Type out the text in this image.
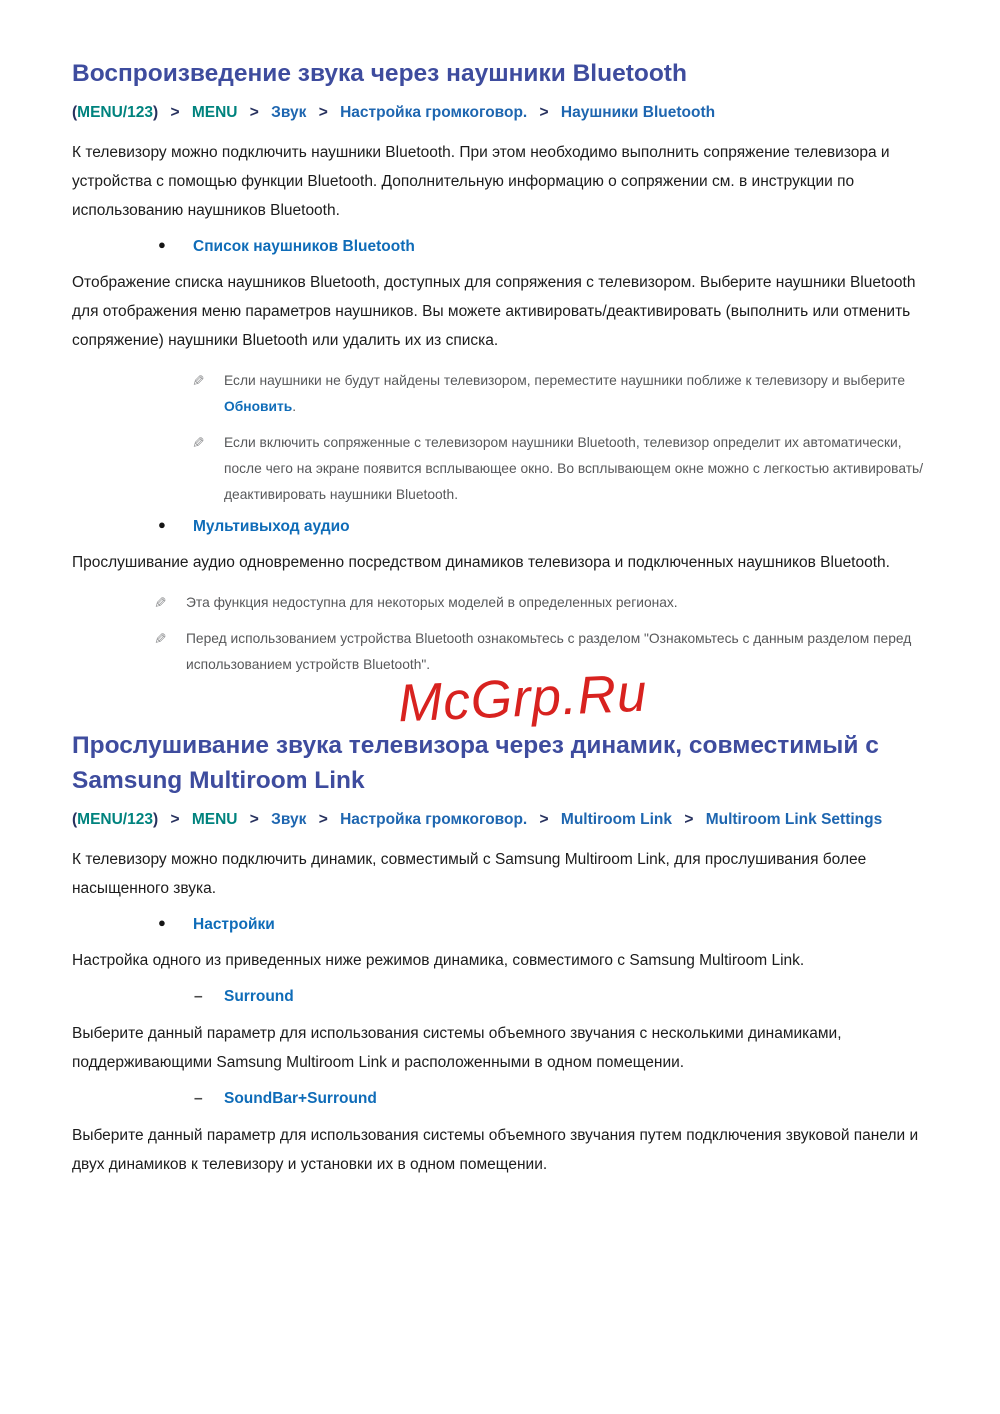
Воспроизведение звука через наушники Bluetooth
(MENU/123) > MENU > Звук > Настройка громкоговор. > Наушники Bluetooth

К телевизору можно подключить наушники Bluetooth. При этом необходимо выполнить сопряжение телевизора и устройства с помощью функции Bluetooth. Дополнительную информацию о сопряжении см. в инструкции по использованию наушников Bluetooth.

● Список наушников Bluetooth

Отображение списка наушников Bluetooth, доступных для сопряжения с телевизором. Выберите наушники Bluetooth для отображения меню параметров наушников. Вы можете активировать/деактивировать (выполнить или отменить сопряжение) наушники Bluetooth или удалить их из списка.

✎ Если наушники не будут найдены телевизором, переместите наушники поближе к телевизору и выберите Обновить.
✎ Если включить сопряженные с телевизором наушники Bluetooth, телевизор определит их автоматически, после чего на экране появится всплывающее окно. Во всплывающем окне можно с легкостью активировать/деактивировать наушники Bluetooth.
● Мультивыход аудио

Прослушивание аудио одновременно посредством динамиков телевизора и подключенных наушников Bluetooth.

✎ Эта функция недоступна для некоторых моделей в определенных регионах.
✎ Перед использованием устройства Bluetooth ознакомьтесь с разделом "Ознакомьтесь с данным разделом перед использованием устройств Bluetooth".
Прослушивание звука телевизора через динамик, совместимый с Samsung Multiroom Link
(MENU/123) > MENU > Звук > Настройка громкоговор. > Multiroom Link > Multiroom Link Settings

К телевизору можно подключить динамик, совместимый с Samsung Multiroom Link, для прослушивания более насыщенного звука.

● Настройки

Настройка одного из приведенных ниже режимов динамика, совместимого с Samsung Multiroom Link.

– Surround

Выберите данный параметр для использования системы объемного звучания с несколькими динамиками, поддерживающими Samsung Multiroom Link и расположенными в одном помещении.

– SoundBar+Surround

Выберите данный параметр для использования системы объемного звучания путем подключения звуковой панели и двух динамиков к телевизору и установки их в одном помещении.

McGrp.Ru
